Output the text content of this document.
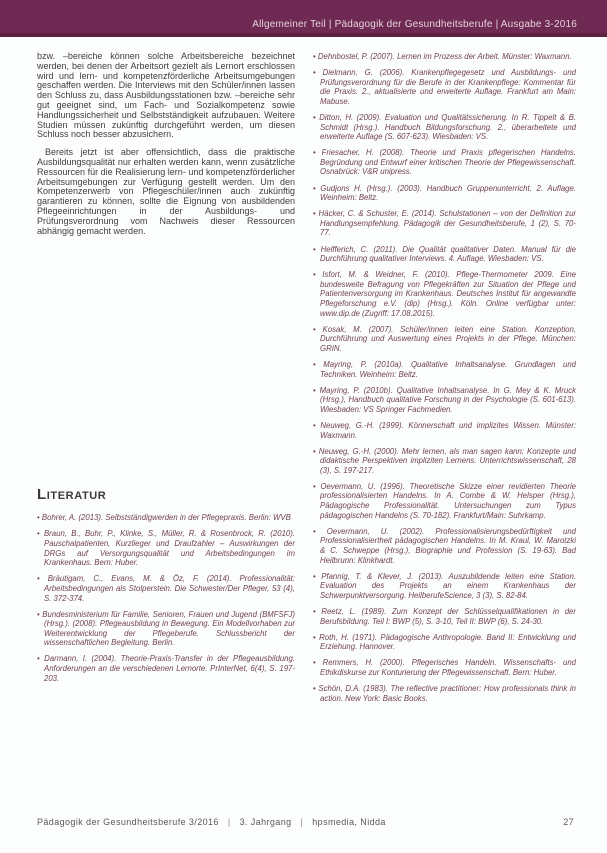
Allgemeiner Teil | Pädagogik der Gesundheitsberufe | Ausgabe 3-2016

bzw. –bereiche können solche Arbeitsbereiche bezeichnet werden, bei denen der Arbeitsort gezielt als Lernort erschlossen wird und lern- und kompetenzförderliche Arbeitsumgebungen geschaffen werden. Die Interviews mit den Schüler/innen lassen den Schluss zu, dass Ausbildungsstationen bzw. –bereiche sehr gut geeignet sind, um Fach- und Sozialkompetenz sowie Handlungssicherheit und Selbstständigkeit aufzubauen. Weitere Studien müssen zukünftig durchgeführt werden, um diesen Schluss noch besser abzusichern.

Bereits jetzt ist aber offensichtlich, dass die praktische Ausbildungsqualität nur erhalten werden kann, wenn zusätzliche Ressourcen für die Realisierung lern- und kompetenzförderlicher Arbeitsumgebungen zur Verfügung gestellt werden. Um den Kompetenzerwerb von Pflegeschüler/innen auch zukünftig garantieren zu können, sollte die Eignung von ausbildenden Pflegeeinrichtungen in der Ausbildungs- und Prüfungsverordnung vom Nachweis dieser Ressourcen abhängig gemacht werden.

Literatur
• Bohrer, A. (2013). Selbstständigwerden in der Pflegepraxis. Berlin: WVB
• Braun, B., Buhr, P., Klinke, S., Müller, R. & Rosenbrock, R. (2010). Pauschalpatienten, Kurzlieger und Draufzahler – Auswirkungen der DRGs auf Versorgungsqualität und Arbeitsbedingungen im Krankenhaus. Bern: Huber.
• Bräutigam, C., Evans, M. & Öz, F. (2014). Professionalität: Arbeitsbedingungen als Stolperstein. Die Schwester/Der Pfleger, 53 (4), S. 372-374.
• Bundesministerium für Familie, Senioren, Frauen und Jugend (BMFSFJ) (Hrsg.). (2008). Pflegeausbildung in Bewegung. Ein Modellvorhaben zur Weiterentwicklung der Pflegeberufe. Schlussbericht der wissenschaftlichen Begleitung. Berlin.
• Darmann, I. (2004). Theorie-Praxis-Transfer in der Pflegeausbildung. Anforderungen an die verschiedenen Lernorte. PrInterNet, 6(4), S. 197-203.
• Dehnbostel, P. (2007). Lernen im Prozess der Arbeit. Münster: Waxmann.
• Dielmann, G. (2006). Krankenpflegegesetz und Ausbildungs- und Prüfungsverordnung für die Berufe in der Krankenpflege: Kommentar für die Praxis. 2., aktualisierte und erweiterte Auflage. Frankfurt am Main: Mabuse.
• Ditton, H. (2009). Evaluation und Qualitätssicherung. In R. Tippelt & B. Schmidt (Hrsg.). Handbuch Bildungsforschung. 2., überarbeitete und erweiterte Auflage (S. 607-623). Wiesbaden: VS.
• Friesacher, H. (2008). Theorie und Praxis pflegerischen Handelns. Begründung und Entwurf einer kritischen Theorie der Pflegewissenschaft. Osnabrück: V&R unipress.
• Gudjons H. (Hrsg.). (2003). Handbuch Gruppenunterricht. 2. Auflage. Weinheim: Beltz.
• Häcker, C. & Schuster, E. (2014). Schulstationen – von der Definition zur Handlungsempfehlung. Pädagogik der Gesundheitsberufe, 1 (2), S. 70-77.
• Helfferich, C. (2011). Die Qualität qualitativer Daten. Manual für die Durchführung qualitativer Interviews. 4. Auflage. Wiesbaden: VS.
• Isfort, M. & Weidner, F. (2010). Pflege-Thermometer 2009. Eine bundesweite Befragung von Pflegekräften zur Situation der Pflege und Patientenversorgung im Krankenhaus. Deutsches Institut für angewandte Pflegeforschung e.V. (dip) (Hrsg.). Köln. Online verfügbar unter: www.dip.de (Zugriff: 17.08.2015).
• Kosak, M. (2007). Schüler/innen leiten eine Station. Konzeption, Durchführung und Auswertung eines Projekts in der Pflege. München: GRIN.
• Mayring, P. (2010a). Qualitative Inhaltsanalyse. Grundlagen und Techniken. Weinheim: Beltz.
• Mayring, P. (2010b). Qualitative Inhaltsanalyse. In G. Mey & K. Mruck (Hrsg.), Handbuch qualitative Forschung in der Psychologie (S. 601-613). Wiesbaden: VS Springer Fachmedien.
• Neuweg, G.-H. (1999). Könnerschaft und implizites Wissen. Münster: Waxmann.
• Neuweg, G.-H. (2000). Mehr lernen, als man sagen kann: Konzepte und didaktische Perspektiven impliziten Lernens. Unterrichtswissenschaft, 28 (3), S. 197-217.
• Oevermann, U. (1996). Theoretische Skizze einer revidierten Theorie professionalisierten Handelns. In A. Combe & W. Helsper (Hrsg.), Pädagogische Professionalität. Untersuchungen zum Typus pädagogischen Handelns (S. 70-182). Frankfurt/Main: Suhrkamp.
• Oevermann, U. (2002). Professionalisierungsbedürftigkeit und Professionalisiertheit pädagogischen Handelns. In M. Kraul, W. Marotzki & C. Schweppe (Hrsg.), Biographie und Profession (S. 19-63). Bad Heilbrunn: Klinkhardt.
• Pfannig, T. & Klever, J. (2013). Auszubildende leiten eine Station. Evaluation des Projekts an einem Krankenhaus der Schwerpunktversorgung. HeilberufeScience, 3 (3), S. 82-84.
• Reetz, L. (1989). Zum Konzept der Schlüsselqualifikationen in der Berufsbildung. Teil I: BWP (5), S. 3-10, Teil II: BWP (6), S. 24-30.
• Roth, H. (1971). Pädagogische Anthropologie. Band II: Entwicklung und Erziehung. Hannover.
• Remmers, H. (2000). Pflegerisches Handeln. Wissenschafts- und Ethikdiskurse zur Konturierung der Pflegewissenschaft. Bern: Huber.
• Schön, D.A. (1983). The reflective practitioner: How professionals think in action. New York: Basic Books.
Pädagogik der Gesundheitsberufe 3/2016 | 3. Jahrgang | hpsmedia, Nidda	27
